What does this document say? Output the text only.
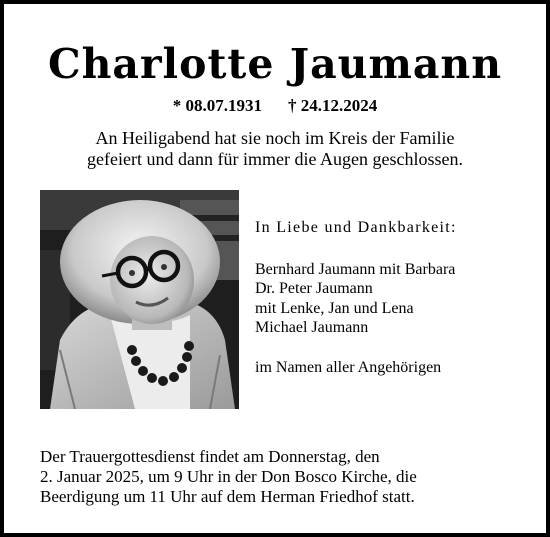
Charlotte Jaumann
* 08.07.1931 † 24.12.2024
An Heiligabend hat sie noch im Kreis der Familie
gefeiert und dann für immer die Augen geschlossen.
In Liebe und Dankbarkeit:
Bernhard Jaumann mit Barbara
Dr. Peter Jaumann
mit Lenke, Jan und Lena
Michael Jaumann
im Namen aller Angehörigen
Der Trauergottesdienst findet am Donnerstag, den
2. Januar 2025, um 9 Uhr in der Don Bosco Kirche, die
Beerdigung um 11 Uhr auf dem Herman Friedhof statt.
